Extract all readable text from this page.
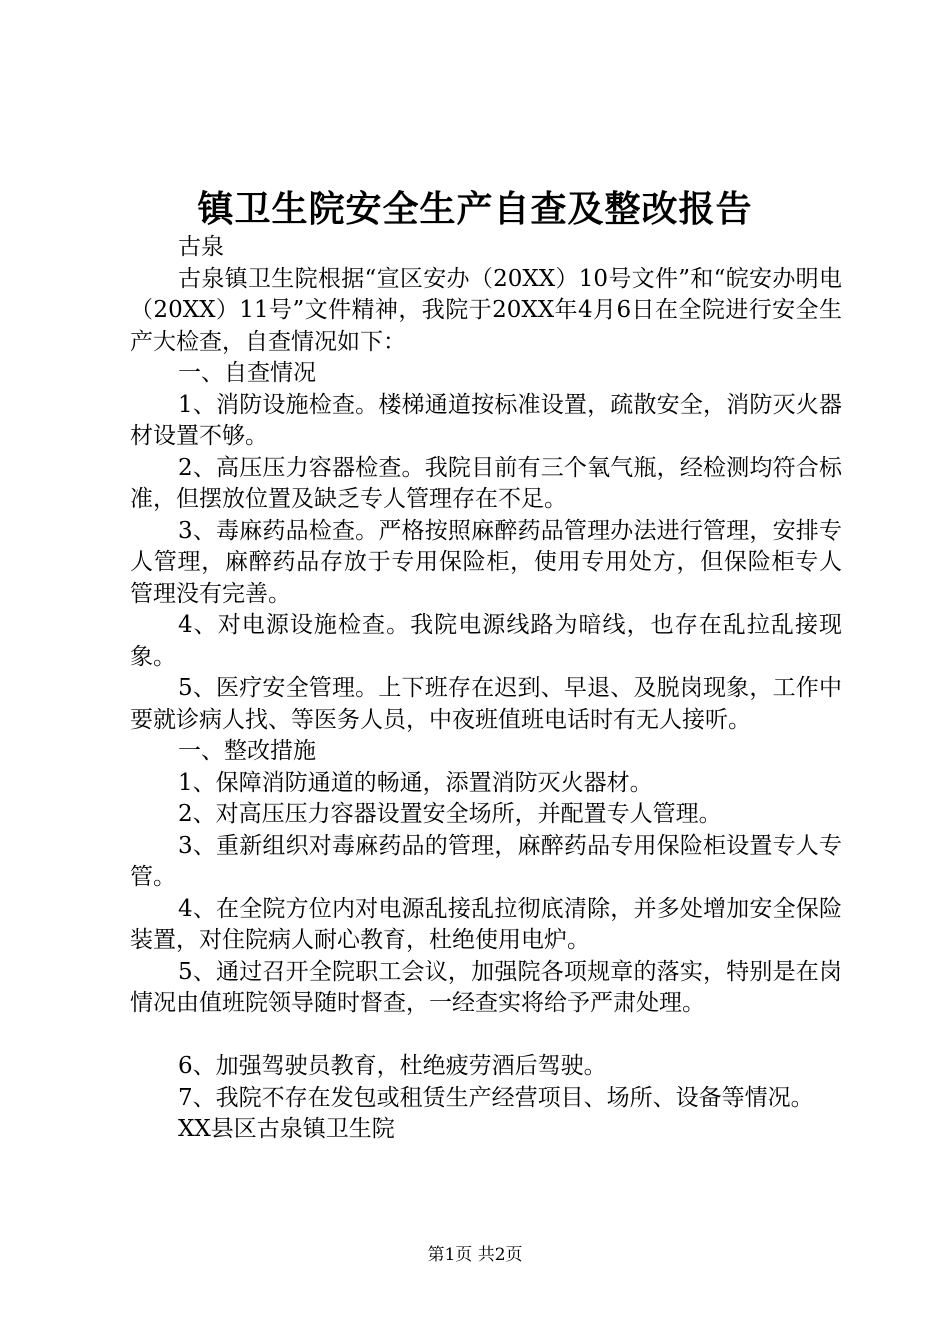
镇卫生院安全生产自查及整改报告

古泉

古泉镇卫生院根据“宣区安办（20XX）10号文件”和“皖安办明电（20XX）11号”文件精神，我院于20XX年4月6日在全院进行安全生产大检查，自查情况如下：

一、自查情况

1、消防设施检查。楼梯通道按标准设置，疏散安全，消防灭火器材设置不够。

2、高压压力容器检查。我院目前有三个氧气瓶，经检测均符合标准，但摆放位置及缺乏专人管理存在不足。

3、毒麻药品检查。严格按照麻醉药品管理办法进行管理，安排专人管理，麻醉药品存放于专用保险柜，使用专用处方，但保险柜专人管理没有完善。

4、对电源设施检查。我院电源线路为暗线，也存在乱拉乱接现象。

5、医疗安全管理。上下班存在迟到、早退、及脱岗现象，工作中要就诊病人找、等医务人员，中夜班值班电话时有无人接听。

一、整改措施

1、保障消防通道的畅通，添置消防灭火器材。

2、对高压压力容器设置安全场所，并配置专人管理。

3、重新组织对毒麻药品的管理，麻醉药品专用保险柜设置专人专管。

4、在全院方位内对电源乱接乱拉彻底清除，并多处增加安全保险装置，对住院病人耐心教育，杜绝使用电炉。

5、通过召开全院职工会议，加强院各项规章的落实，特别是在岗情况由值班院领导随时督查，一经查实将给予严肃处理。

6、加强驾驶员教育，杜绝疲劳酒后驾驶。

7、我院不存在发包或租赁生产经营项目、场所、设备等情况。

XX县区古泉镇卫生院

第1页 共2页
